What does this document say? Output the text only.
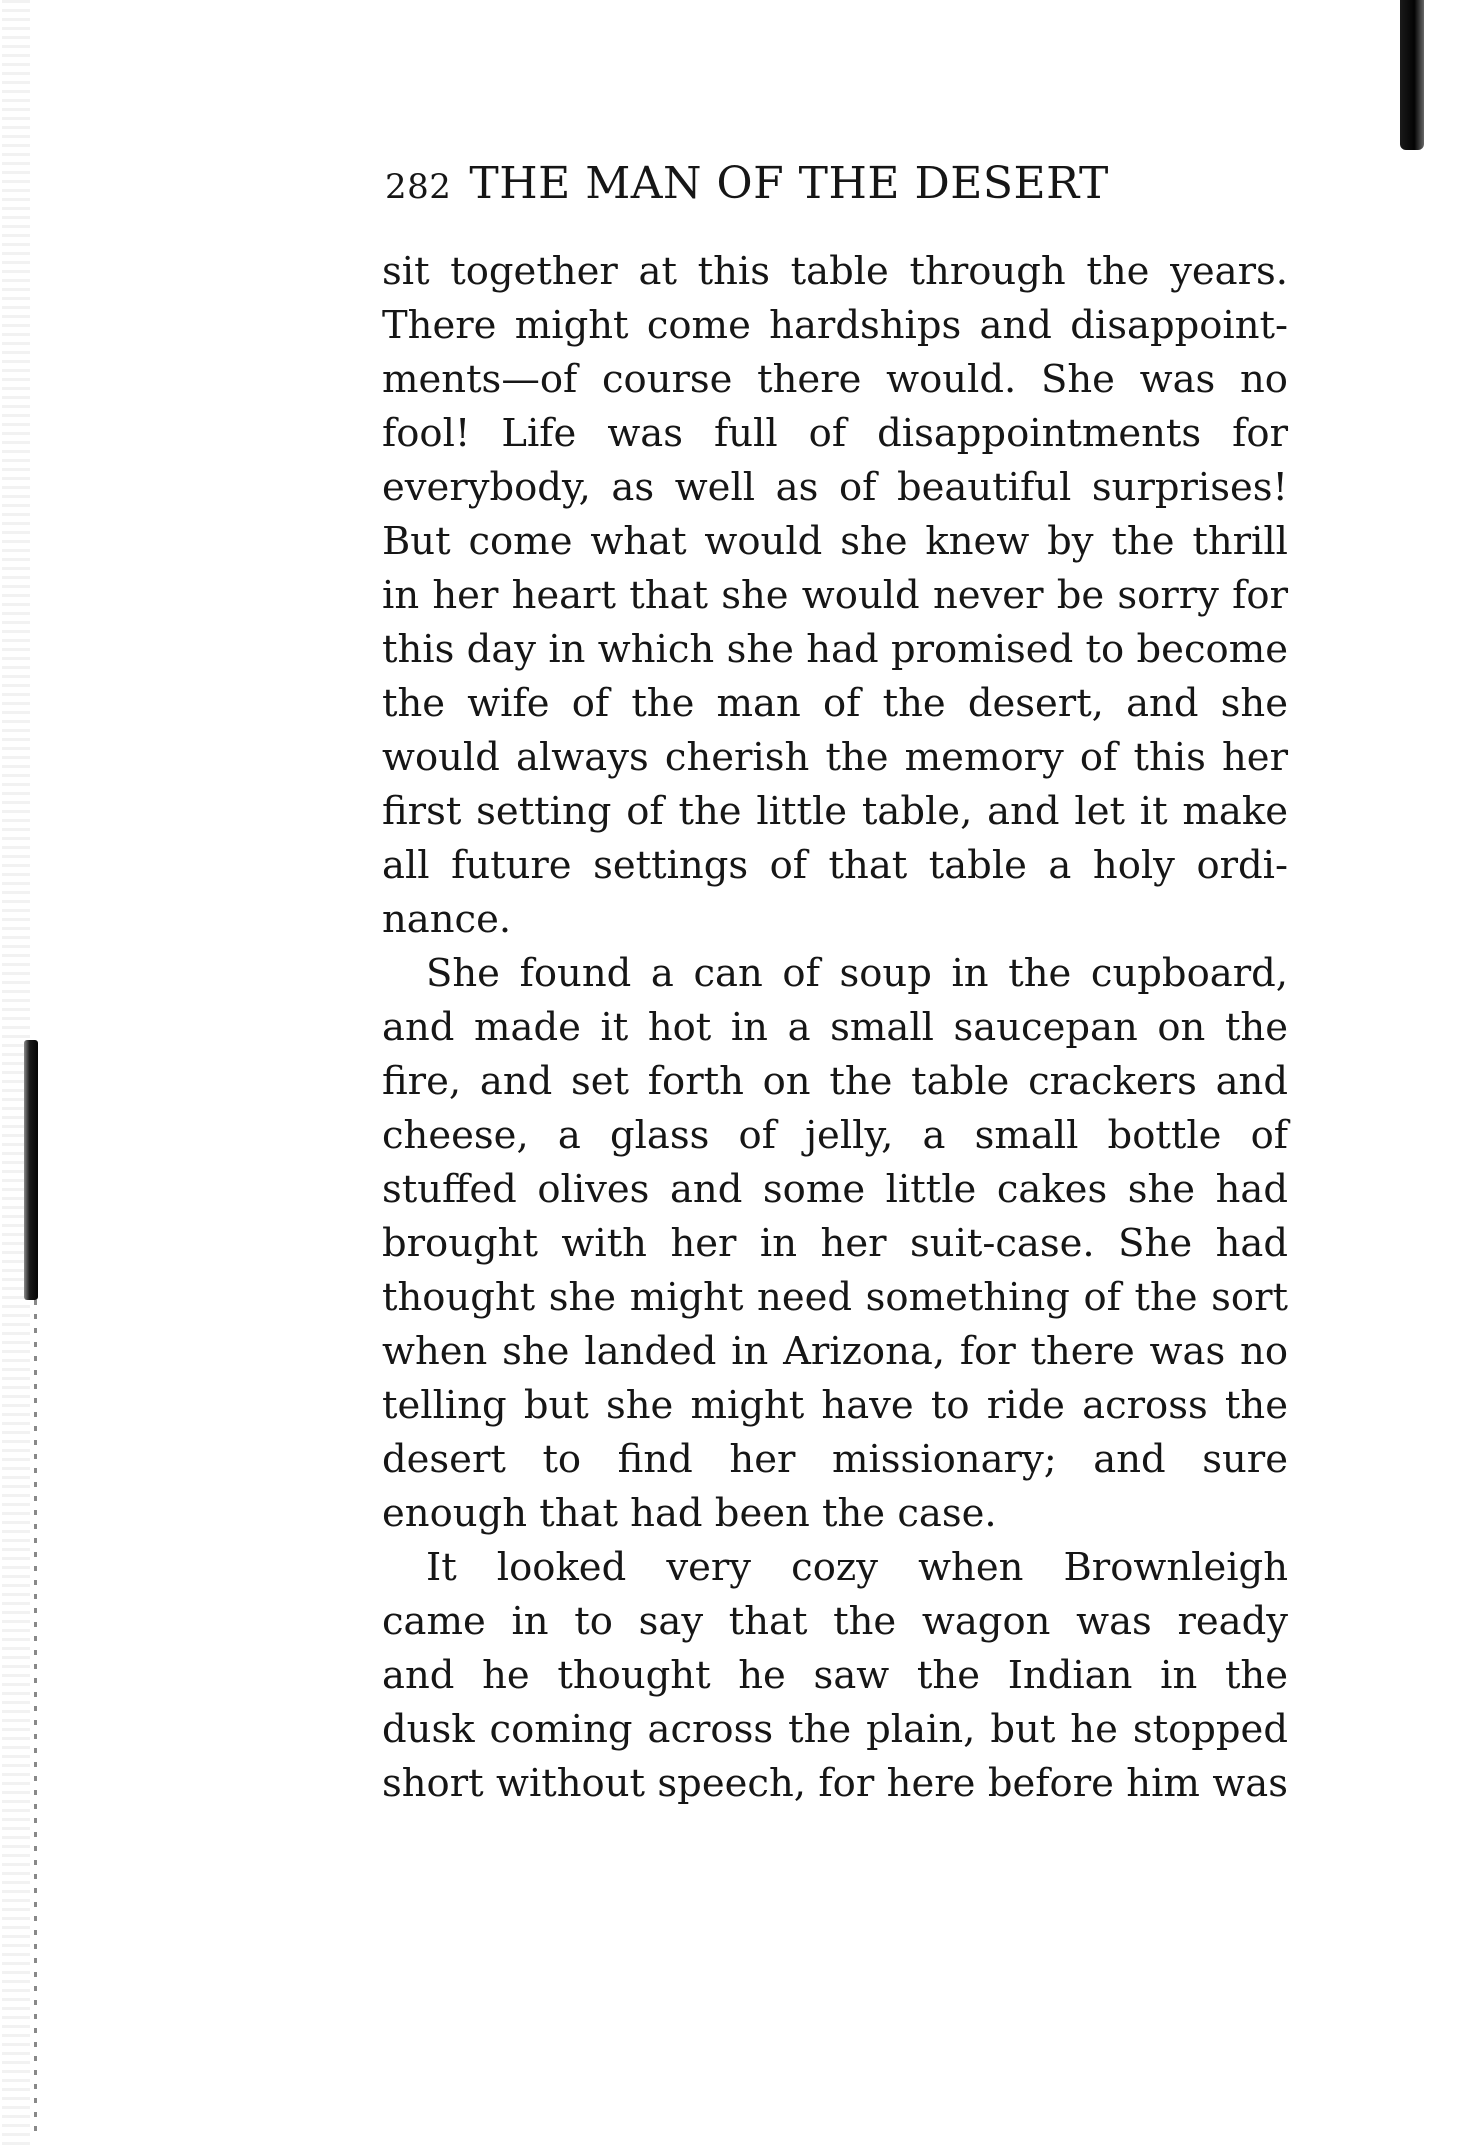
282 THE MAN OF THE DESERT
sit together at this table through the years.
There might come hardships and disappoint-
ments—of course there would. She was no
fool! Life was full of disappointments for
everybody, as well as of beautiful surprises!
But come what would she knew by the thrill
in her heart that she would never be sorry for
this day in which she had promised to become
the wife of the man of the desert, and she
would always cherish the memory of this her
first setting of the little table, and let it make
all future settings of that table a holy ordi-
nance.
She found a can of soup in the cupboard,
and made it hot in a small saucepan on the
fire, and set forth on the table crackers and
cheese, a glass of jelly, a small bottle of
stuffed olives and some little cakes she had
brought with her in her suit-case. She had
thought she might need something of the sort
when she landed in Arizona, for there was no
telling but she might have to ride across the
desert to find her missionary; and sure
enough that had been the case.
It looked very cozy when Brownleigh
came in to say that the wagon was ready
and he thought he saw the Indian in the
dusk coming across the plain, but he stopped
short without speech, for here before him was
